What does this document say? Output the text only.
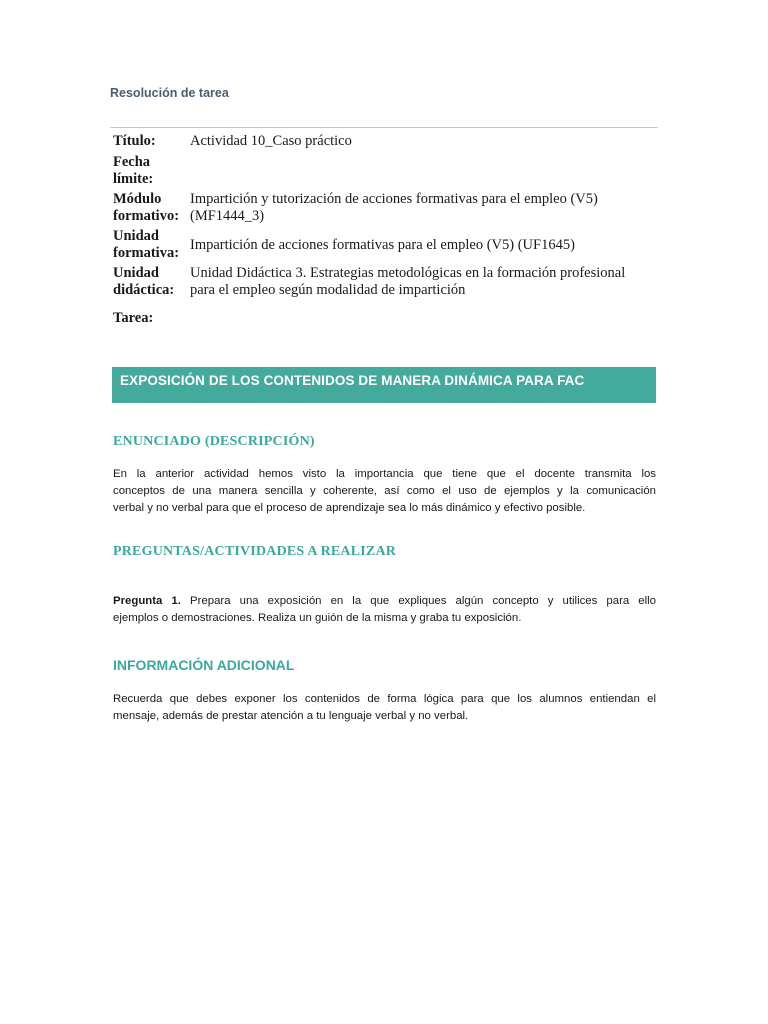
Resolución de tarea
Título:	Actividad 10_Caso práctico
Fecha límite:
Módulo formativo:
Impartición y tutorización de acciones formativas para el empleo (V5)
(MF1444_3)
Unidad formativa:
Impartición de acciones formativas para el empleo (V5) (UF1645)
Unidad didáctica:
Unidad Didáctica 3. Estrategias metodológicas en la formación profesional
para el empleo según modalidad de impartición
Tarea:
EXPOSICIÓN DE LOS CONTENIDOS DE MANERA DINÁMICA PARA FAC
ENUNCIADO (DESCRIPCIÓN)
En la anterior actividad hemos visto la importancia que tiene que el docente transmita los
conceptos de una manera sencilla y coherente, así como el uso de ejemplos y la comunicación
verbal y no verbal para que el proceso de aprendizaje sea lo más dinámico y efectivo posible.
PREGUNTAS/ACTIVIDADES A REALIZAR
Pregunta 1. Prepara una exposición en la que expliques algún concepto y utilices para ello
ejemplos o demostraciones. Realiza un guión de la misma y graba tu exposición.
INFORMACIÓN ADICIONAL
Recuerda que debes exponer los contenidos de forma lógica para que los alumnos entiendan el
mensaje, además de prestar atención a tu lenguaje verbal y no verbal.
